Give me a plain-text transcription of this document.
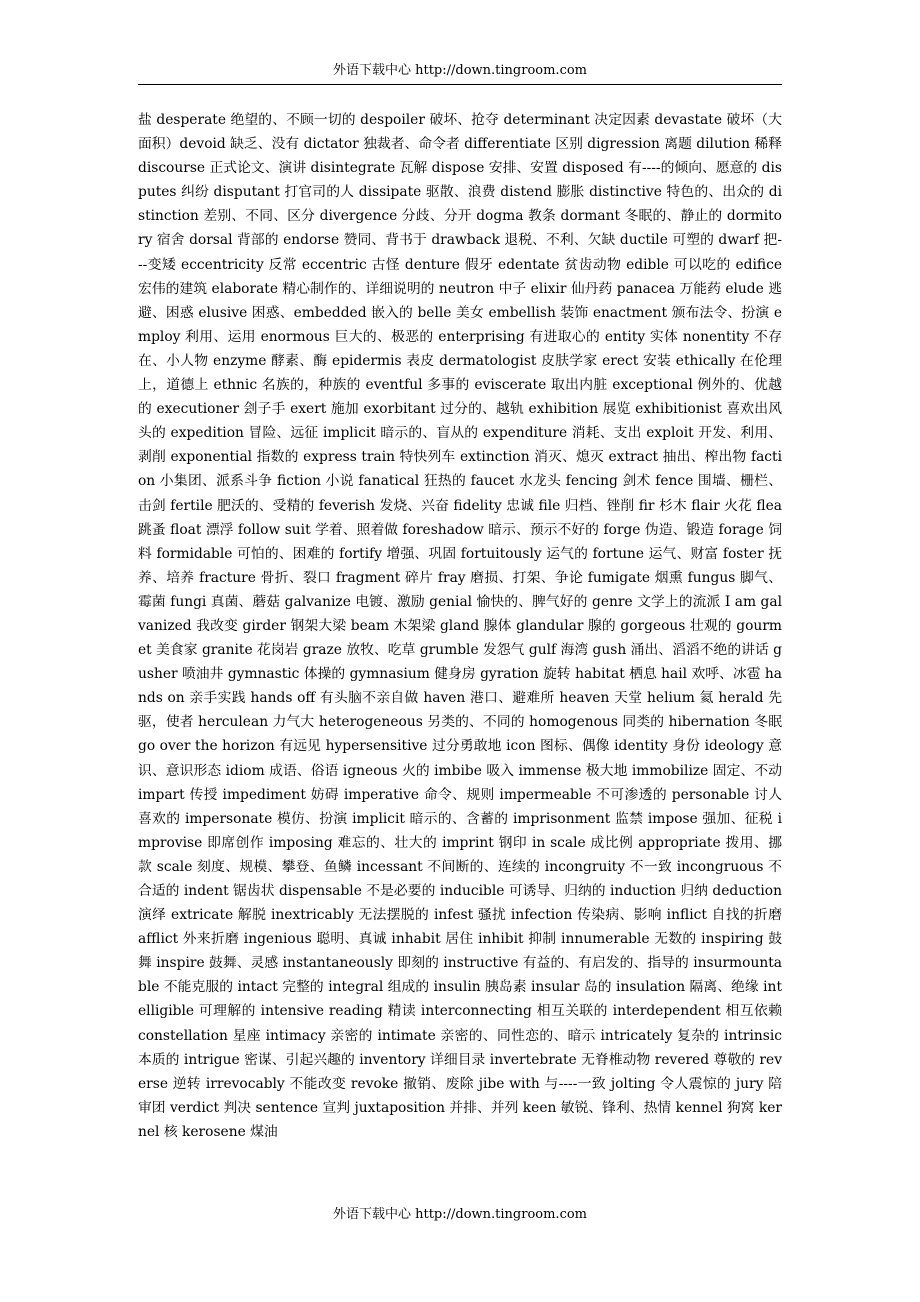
外语下载中心 http://down.tingroom.com
盐 desperate 绝望的、不顾一切的 despoiler 破坏、抢夺 determinant 决定因素 devastate 破坏（大面积）devoid 缺乏、没有 dictator 独裁者、命令者 differentiate 区别 digression 离题 dilution 稀释 discourse 正式论文、演讲 disintegrate 瓦解 dispose 安排、安置 disposed 有----的倾向、愿意的 disputes 纠纷 disputant 打官司的人 dissipate 驱散、浪费 distend 膨胀 distinctive 特色的、出众的 distinction 差别、不同、区分 divergence 分歧、分开 dogma 教条 dormant 冬眠的、静止的 dormitory 宿舍 dorsal 背部的 endorse 赞同、背书于 drawback 退税、不利、欠缺 ductile 可塑的 dwarf 把---变矮 eccentricity 反常 eccentric 古怪 denture 假牙 edentate 贫齿动物 edible 可以吃的 edifice 宏伟的建筑 elaborate 精心制作的、详细说明的 neutron 中子 elixir 仙丹药 panacea 万能药 elude 逃避、困惑 elusive 困惑、embedded 嵌入的 belle 美女 embellish 装饰 enactment 颁布法令、扮演 employ 利用、运用 enormous 巨大的、极恶的 enterprising 有进取心的 entity 实体 nonentity 不存在、小人物 enzyme 酵素、酶 epidermis 表皮 dermatologist 皮肤学家 erect 安装 ethically 在伦理上，道德上 ethnic 名族的，种族的 eventful 多事的 eviscerate 取出内脏 exceptional 例外的、优越的 executioner 刽子手 exert 施加 exorbitant 过分的、越轨 exhibition 展览 exhibitionist 喜欢出风头的 expedition 冒险、远征 implicit 暗示的、盲从的 expenditure 消耗、支出 exploit 开发、利用、剥削 exponential 指数的 express train 特快列车 extinction 消灭、熄灭 extract 抽出、榨出物 faction 小集团、派系斗争 fiction 小说 fanatical 狂热的 faucet 水龙头 fencing 剑术 fence 围墙、栅栏、击剑 fertile 肥沃的、受精的 feverish 发烧、兴奋 fidelity 忠诚 file 归档、锉削 fir 杉木 flair 火花 flea 跳蚤 float 漂浮 follow suit 学着、照着做 foreshadow 暗示、预示不好的 forge 伪造、锻造 forage 饲料 formidable 可怕的、困难的 fortify 增强、巩固 fortuitously 运气的 fortune 运气、财富 foster 抚养、培养 fracture 骨折、裂口 fragment 碎片 fray 磨损、打架、争论 fumigate 烟熏 fungus 脚气、霉菌 fungi 真菌、蘑菇 galvanize 电镀、激励 genial 愉快的、脾气好的 genre 文学上的流派 I am galvanized 我改变 girder 钢架大梁 beam 木架梁 gland 腺体 glandular 腺的 gorgeous 壮观的 gourmet 美食家 granite 花岗岩 graze 放牧、吃草 grumble 发怨气 gulf 海湾 gush 涌出、滔滔不绝的讲话 gusher 喷油井 gymnastic 体操的 gymnasium 健身房 gyration 旋转 habitat 栖息 hail 欢呼、冰雹 hands on 亲手实践 hands off 有头脑不亲自做 haven 港口、避难所 heaven 天堂 helium 氦 herald 先驱，使者 herculean 力气大 heterogeneous 另类的、不同的 homogenous 同类的 hibernation 冬眠 go over the horizon 有远见 hypersensitive 过分勇敢地 icon 图标、偶像 identity 身份 ideology 意识、意识形态 idiom 成语、俗语 igneous 火的 imbibe 吸入 immense 极大地 immobilize 固定、不动 impart 传授 impediment 妨碍 imperative 命令、规则 impermeable 不可渗透的 personable 讨人喜欢的 impersonate 模仿、扮演 implicit 暗示的、含蓄的 imprisonment 监禁 impose 强加、征税 improvise 即席创作 imposing 难忘的、壮大的 imprint 钢印 in scale 成比例 appropriate 拨用、挪款 scale 刻度、规模、攀登、鱼鳞 incessant 不间断的、连续的 incongruity 不一致 incongruous 不合适的 indent 锯齿状 dispensable 不是必要的 inducible 可诱导、归纳的 induction 归纳 deduction 演绎 extricate 解脱 inextricably 无法摆脱的 infest 骚扰 infection 传染病、影响 inflict 自找的折磨 afflict 外来折磨 ingenious 聪明、真诚 inhabit 居住 inhibit 抑制 innumerable 无数的 inspiring 鼓舞 inspire 鼓舞、灵感 instantaneously 即刻的 instructive 有益的、有启发的、指导的 insurmountable 不能克服的 intact 完整的 integral 组成的 insulin 胰岛素 insular 岛的 insulation 隔离、绝缘 intelligible 可理解的 intensive reading 精读 interconnecting 相互关联的 interdependent 相互依赖 constellation 星座 intimacy 亲密的 intimate 亲密的、同性恋的、暗示 intricately 复杂的 intrinsic 本质的 intrigue 密谋、引起兴趣的 inventory 详细目录 invertebrate 无脊椎动物 revered 尊敬的 reverse 逆转 irrevocably 不能改变 revoke 撤销、废除 jibe with 与----一致 jolting 令人震惊的 jury 陪审团 verdict 判决 sentence 宣判 juxtaposition 并排、并列 keen 敏锐、锋利、热情 kennel 狗窝 kernel 核 kerosene 煤油
外语下载中心 http://down.tingroom.com
